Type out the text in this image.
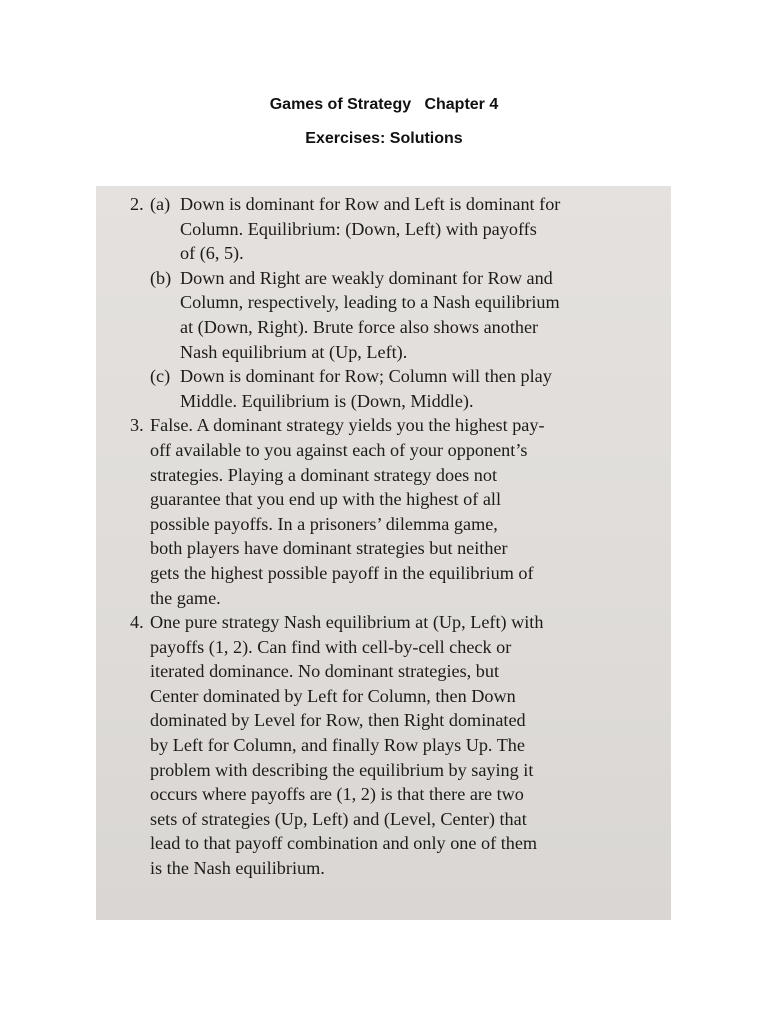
Games of Strategy   Chapter 4
Exercises: Solutions
2. (a) Down is dominant for Row and Left is dominant for
Column. Equilibrium: (Down, Left) with payoffs
of (6, 5).
(b) Down and Right are weakly dominant for Row and
Column, respectively, leading to a Nash equilibrium
at (Down, Right). Brute force also shows another
Nash equilibrium at (Up, Left).
(c) Down is dominant for Row; Column will then play
Middle. Equilibrium is (Down, Middle).
3. False. A dominant strategy yields you the highest pay-
off available to you against each of your opponent’s
strategies. Playing a dominant strategy does not
guarantee that you end up with the highest of all
possible payoffs. In a prisoners’ dilemma game,
both players have dominant strategies but neither
gets the highest possible payoff in the equilibrium of
the game.
4. One pure strategy Nash equilibrium at (Up, Left) with
payoffs (1, 2). Can find with cell-by-cell check or
iterated dominance. No dominant strategies, but
Center dominated by Left for Column, then Down
dominated by Level for Row, then Right dominated
by Left for Column, and finally Row plays Up. The
problem with describing the equilibrium by saying it
occurs where payoffs are (1, 2) is that there are two
sets of strategies (Up, Left) and (Level, Center) that
lead to that payoff combination and only one of them
is the Nash equilibrium.
